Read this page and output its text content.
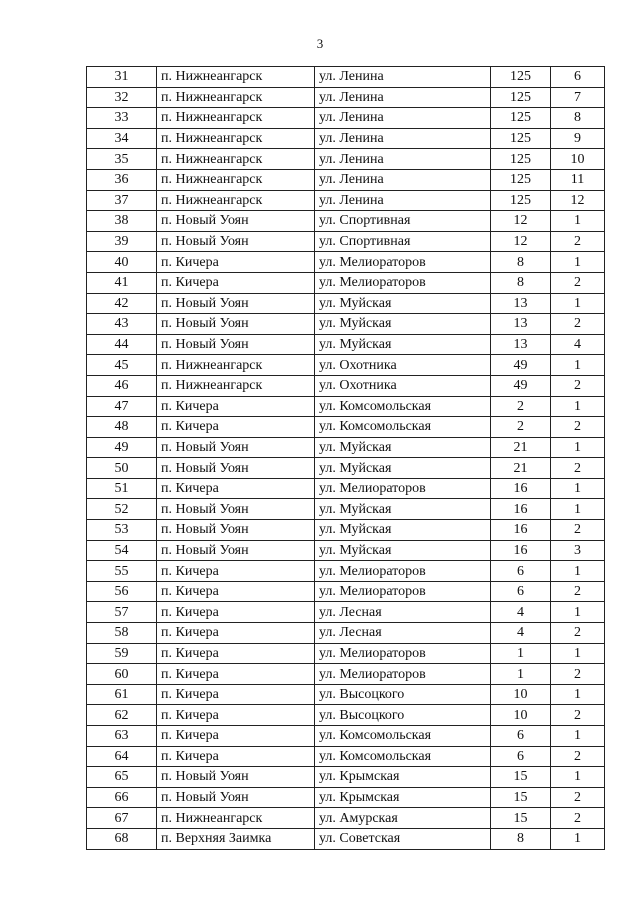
3
31	п. Нижнеангарск	ул. Ленина	125	6
32	п. Нижнеангарск	ул. Ленина	125	7
33	п. Нижнеангарск	ул. Ленина	125	8
34	п. Нижнеангарск	ул. Ленина	125	9
35	п. Нижнеангарск	ул. Ленина	125	10
36	п. Нижнеангарск	ул. Ленина	125	11
37	п. Нижнеангарск	ул. Ленина	125	12
38	п. Новый Уоян	ул. Спортивная	12	1
39	п. Новый Уоян	ул. Спортивная	12	2
40	п. Кичера	ул. Мелиораторов	8	1
41	п. Кичера	ул. Мелиораторов	8	2
42	п. Новый Уоян	ул. Муйская	13	1
43	п. Новый Уоян	ул. Муйская	13	2
44	п. Новый Уоян	ул. Муйская	13	4
45	п. Нижнеангарск	ул. Охотника	49	1
46	п. Нижнеангарск	ул. Охотника	49	2
47	п. Кичера	ул. Комсомольская	2	1
48	п. Кичера	ул. Комсомольская	2	2
49	п. Новый Уоян	ул. Муйская	21	1
50	п. Новый Уоян	ул. Муйская	21	2
51	п. Кичера	ул. Мелиораторов	16	1
52	п. Новый Уоян	ул. Муйская	16	1
53	п. Новый Уоян	ул. Муйская	16	2
54	п. Новый Уоян	ул. Муйская	16	3
55	п. Кичера	ул. Мелиораторов	6	1
56	п. Кичера	ул. Мелиораторов	6	2
57	п. Кичера	ул. Лесная	4	1
58	п. Кичера	ул. Лесная	4	2
59	п. Кичера	ул. Мелиораторов	1	1
60	п. Кичера	ул. Мелиораторов	1	2
61	п. Кичера	ул. Высоцкого	10	1
62	п. Кичера	ул. Высоцкого	10	2
63	п. Кичера	ул. Комсомольская	6	1
64	п. Кичера	ул. Комсомольская	6	2
65	п. Новый Уоян	ул. Крымская	15	1
66	п. Новый Уоян	ул. Крымская	15	2
67	п. Нижнеангарск	ул. Амурская	15	2
68	п. Верхняя Заимка	ул. Советская	8	1
